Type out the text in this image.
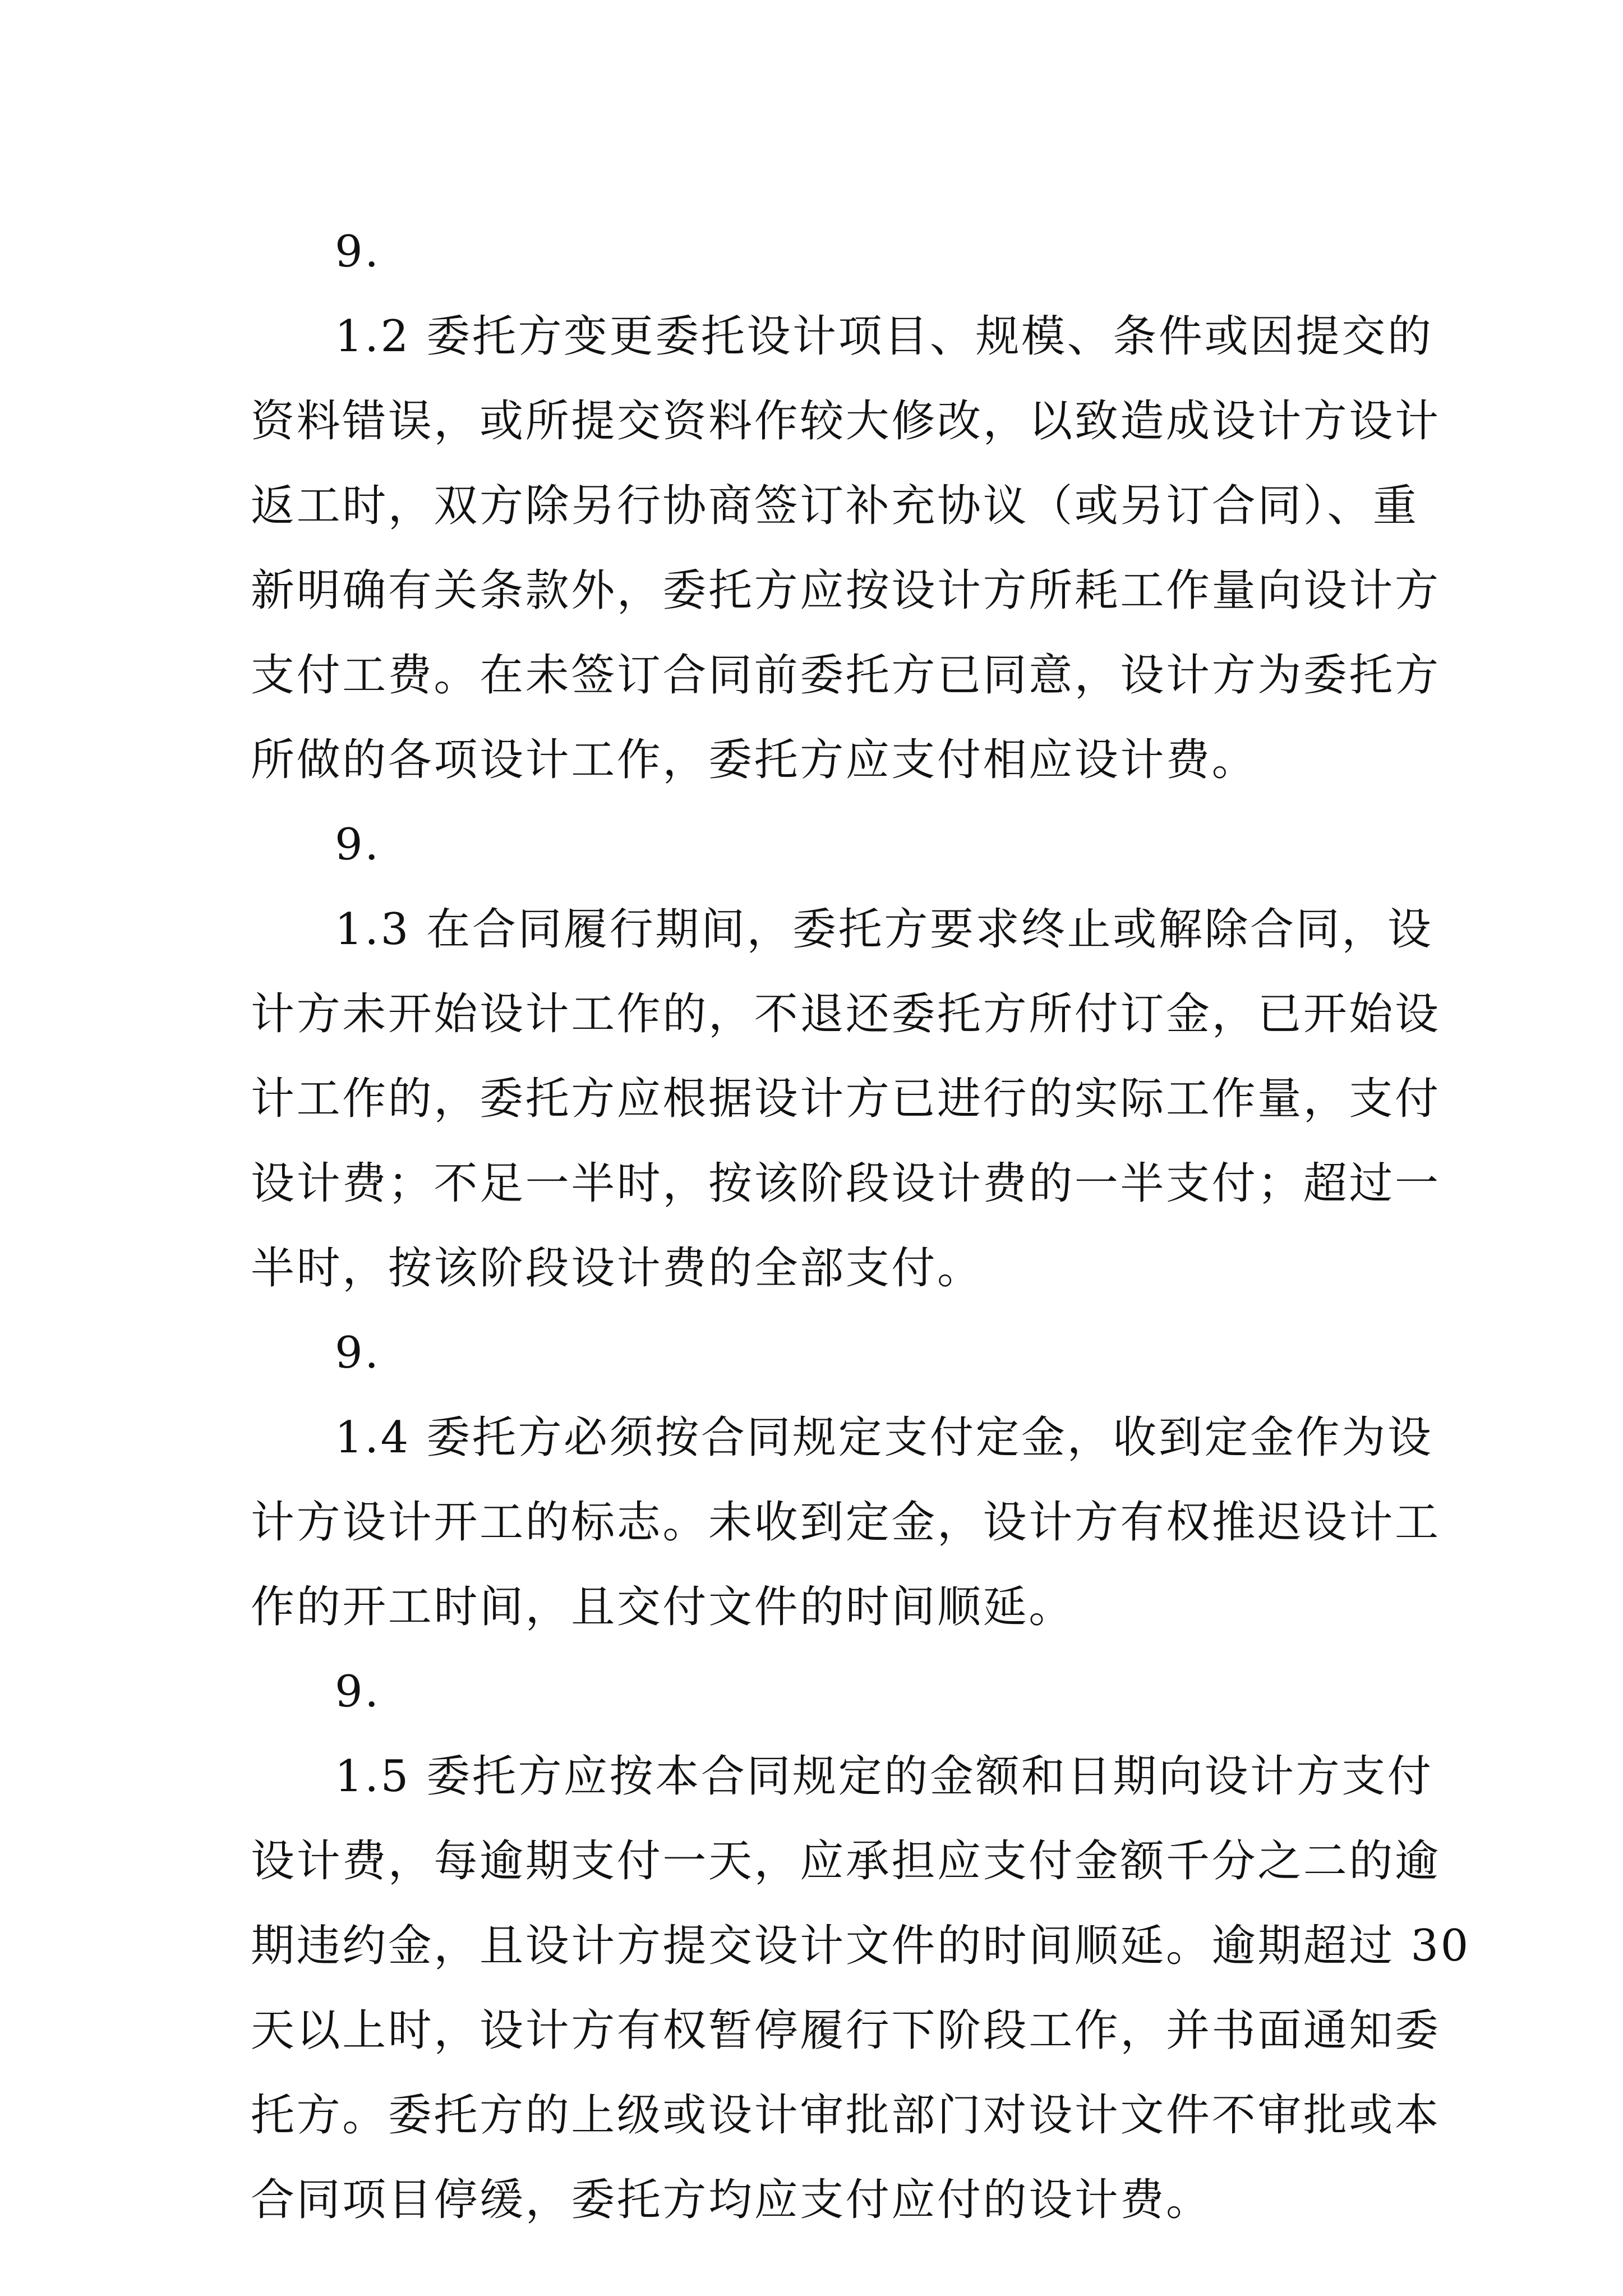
9.
1.2 委托方变更委托设计项目、规模、条件或因提交的
资料错误，或所提交资料作较大修改，以致造成设计方设计
返工时，双方除另行协商签订补充协议（或另订合同）、重
新明确有关条款外，委托方应按设计方所耗工作量向设计方
支付工费。在未签订合同前委托方已同意，设计方为委托方
所做的各项设计工作，委托方应支付相应设计费。
9.
1.3 在合同履行期间，委托方要求终止或解除合同，设
计方未开始设计工作的，不退还委托方所付订金，已开始设
计工作的，委托方应根据设计方已进行的实际工作量，支付
设计费；不足一半时，按该阶段设计费的一半支付；超过一
半时，按该阶段设计费的全部支付。
9.
1.4 委托方必须按合同规定支付定金，收到定金作为设
计方设计开工的标志。未收到定金，设计方有权推迟设计工
作的开工时间，且交付文件的时间顺延。
9.
1.5 委托方应按本合同规定的金额和日期向设计方支付
设计费，每逾期支付一天，应承担应支付金额千分之二的逾
期违约金，且设计方提交设计文件的时间顺延。逾期超过 30
天以上时，设计方有权暂停履行下阶段工作，并书面通知委
托方。委托方的上级或设计审批部门对设计文件不审批或本
合同项目停缓，委托方均应支付应付的设计费。
